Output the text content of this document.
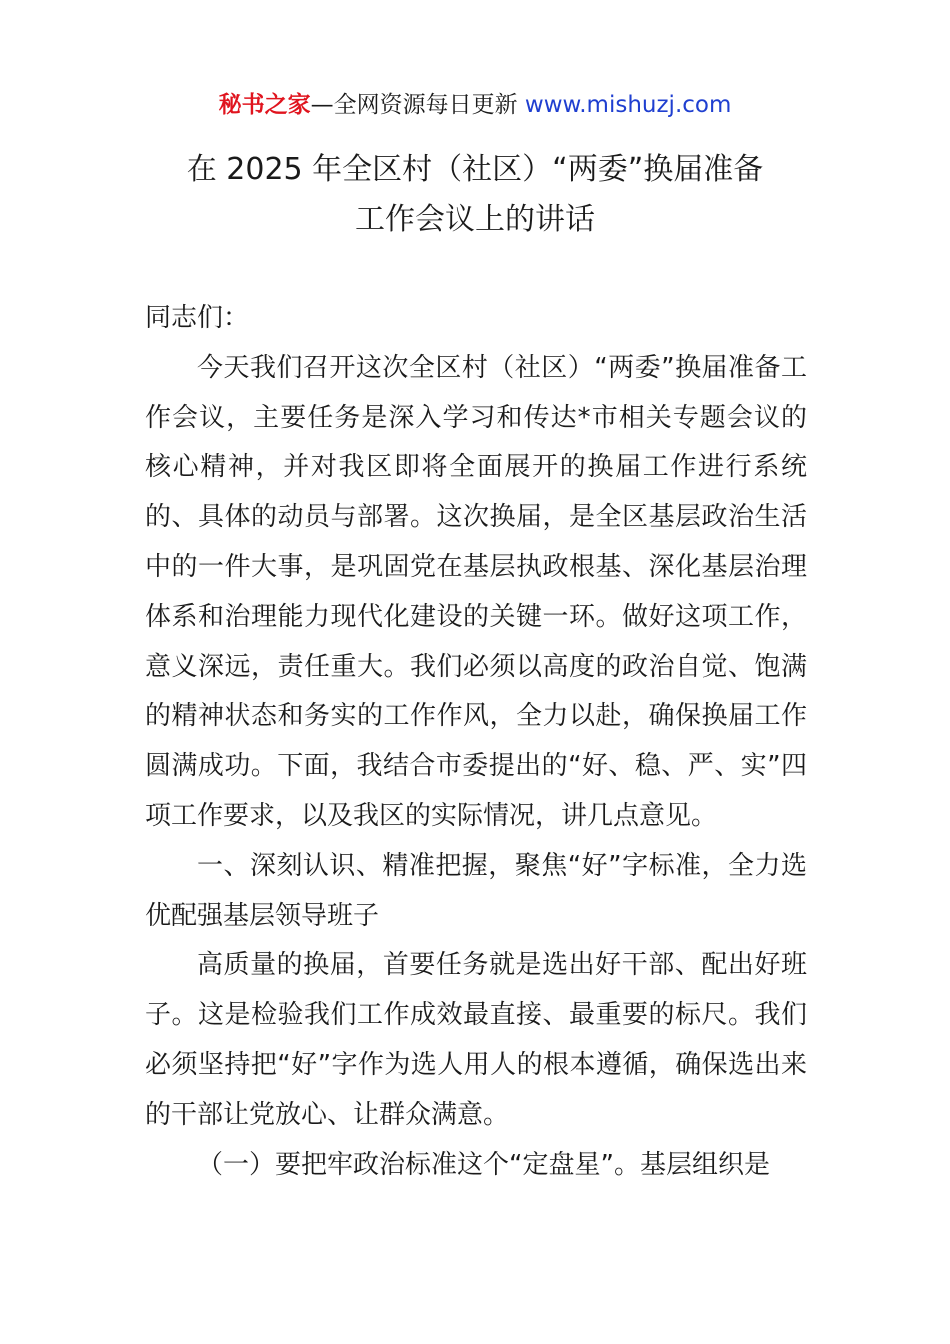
秘书之家—全网资源每日更新 www.mishuzj.com
在 2025 年全区村（社区）“两委”换届准备
工作会议上的讲话

同志们：

今天我们召开这次全区村（社区）“两委”换届准备工作会议，主要任务是深入学习和传达*市相关专题会议的核心精神，并对我区即将全面展开的换届工作进行系统的、具体的动员与部署。这次换届，是全区基层政治生活中的一件大事，是巩固党在基层执政根基、深化基层治理体系和治理能力现代化建设的关键一环。做好这项工作，意义深远，责任重大。我们必须以高度的政治自觉、饱满的精神状态和务实的工作作风，全力以赴，确保换届工作圆满成功。下面，我结合市委提出的“好、稳、严、实”四项工作要求，以及我区的实际情况，讲几点意见。

一、深刻认识、精准把握，聚焦“好”字标准，全力选优配强基层领导班子

高质量的换届，首要任务就是选出好干部、配出好班子。这是检验我们工作成效最直接、最重要的标尺。我们必须坚持把“好”字作为选人用人的根本遵循，确保选出来的干部让党放心、让群众满意。

（一）要把牢政治标准这个“定盘星”。基层组织是
